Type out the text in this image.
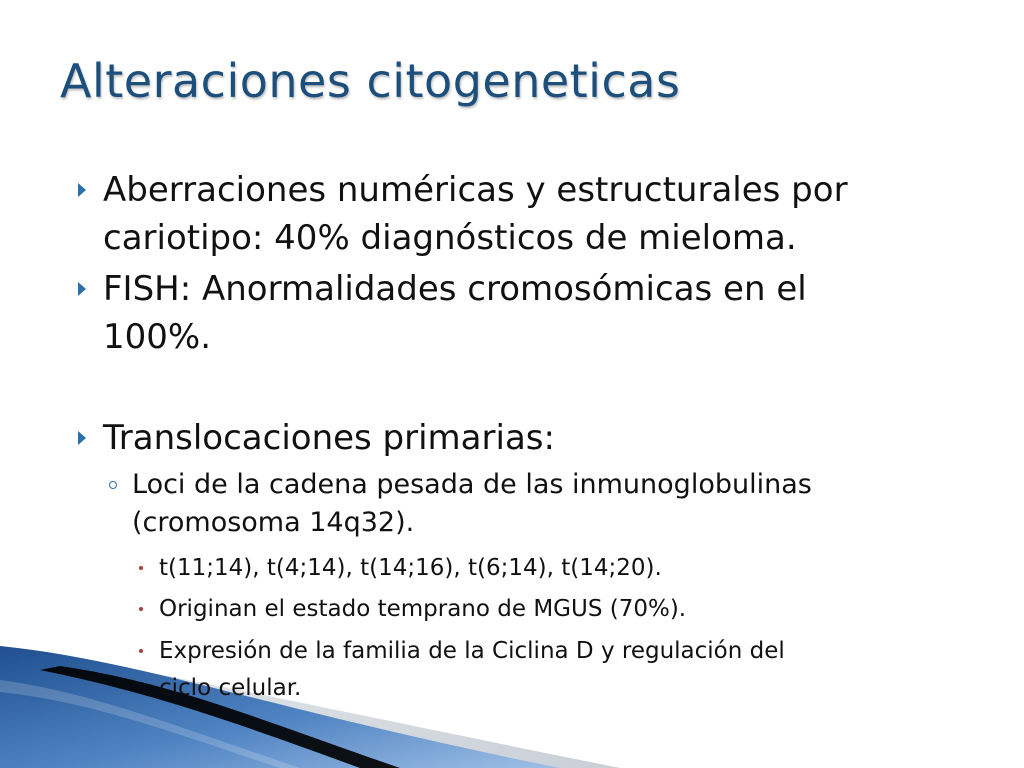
Alteraciones citogeneticas
Aberraciones numéricas y estructurales por
cariotipo: 40% diagnósticos de mieloma.
FISH: Anormalidades cromosómicas en el
100%.
Translocaciones primarias:
Loci de la cadena pesada de las inmunoglobulinas
(cromosoma 14q32).
t(11;14), t(4;14), t(14;16), t(6;14), t(14;20).
Originan el estado temprano de MGUS (70%).
Expresión de la familia de la Ciclina D y regulación del
ciclo celular.
